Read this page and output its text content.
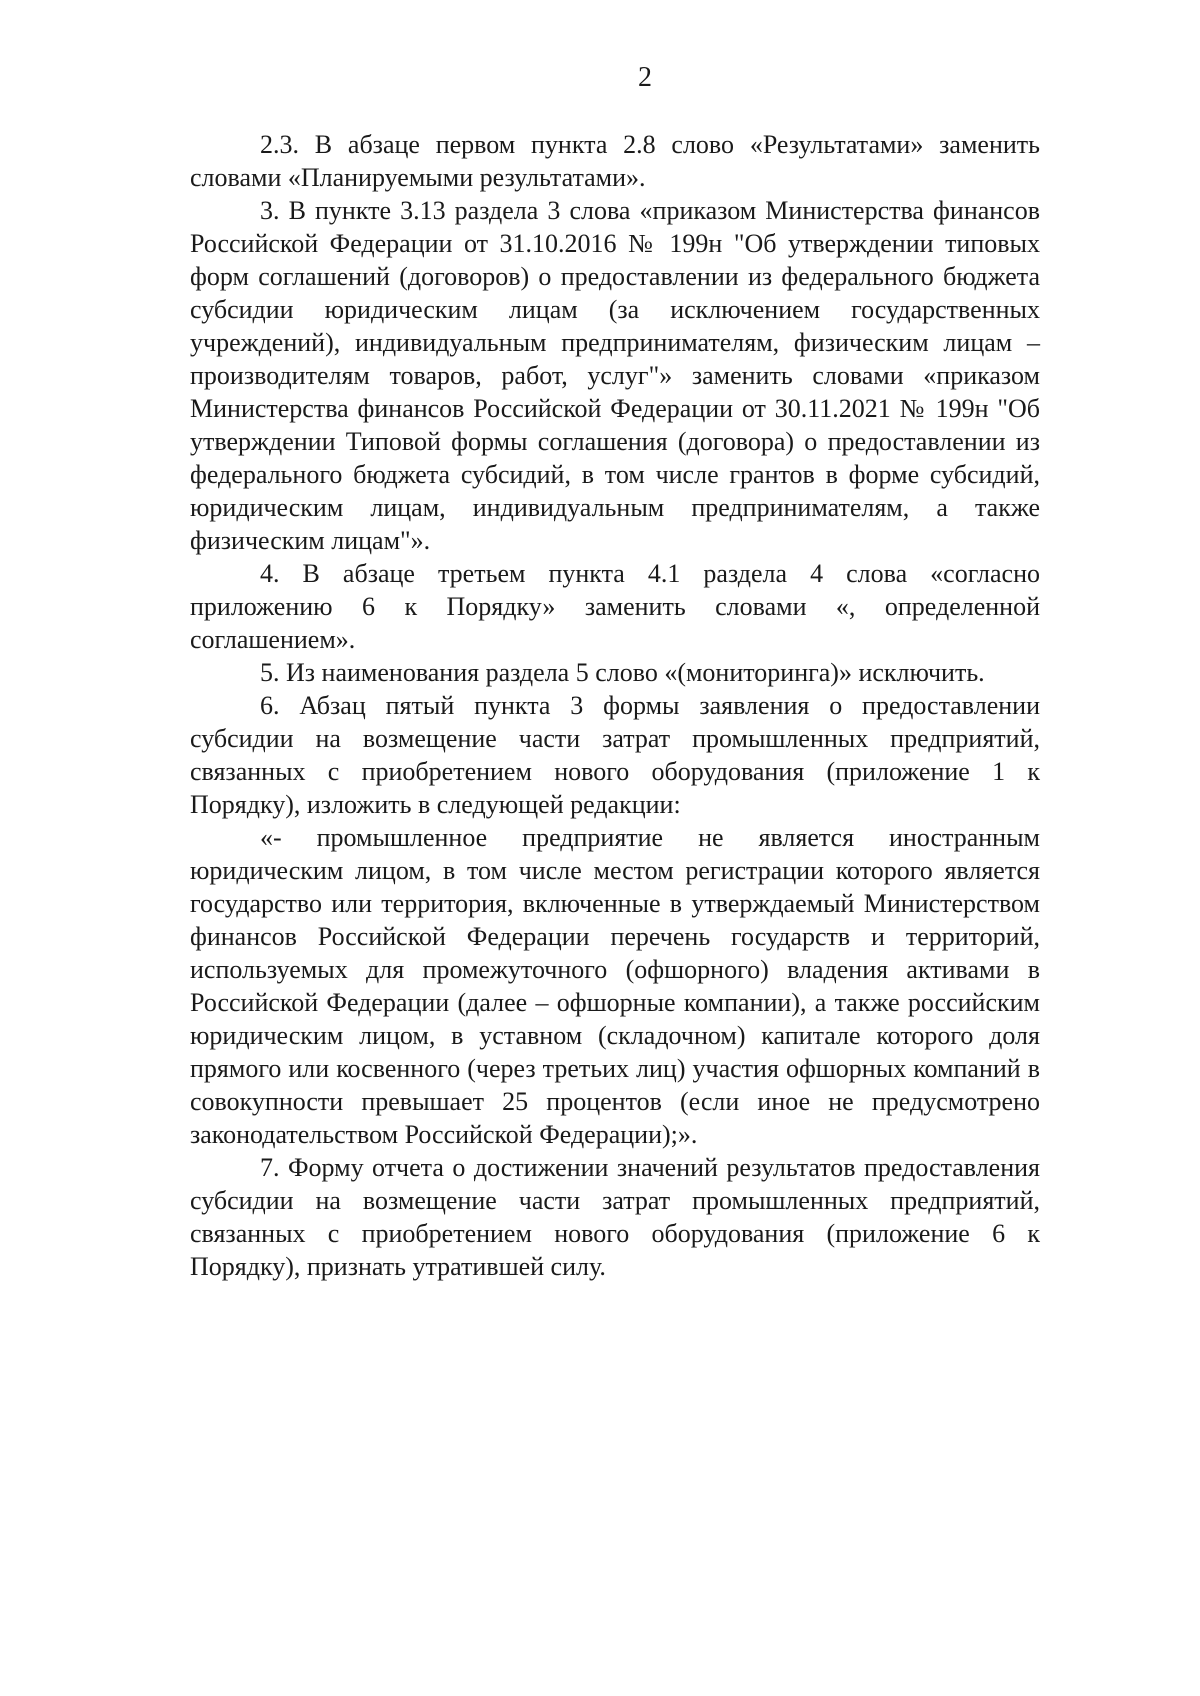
2

2.3. В абзаце первом пункта 2.8 слово «Результатами» заменить словами «Планируемыми результатами».

3. В пункте 3.13 раздела 3 слова «приказом Министерства финансов Российской Федерации от 31.10.2016 № 199н "Об утверждении типовых форм соглашений (договоров) о предоставлении из федерального бюджета субсидии юридическим лицам (за исключением государственных учреждений), индивидуальным предпринимателям, физическим лицам – производителям товаров, работ, услуг"» заменить словами «приказом Министерства финансов Российской Федерации от 30.11.2021 № 199н "Об утверждении Типовой формы соглашения (договора) о предоставлении из федерального бюджета субсидий, в том числе грантов в форме субсидий, юридическим лицам, индивидуальным предпринимателям, а также физическим лицам"».

4. В абзаце третьем пункта 4.1 раздела 4 слова «согласно приложению 6 к Порядку» заменить словами «, определенной соглашением».

5. Из наименования раздела 5 слово «(мониторинга)» исключить.

6. Абзац пятый пункта 3 формы заявления о предоставлении субсидии на возмещение части затрат промышленных предприятий, связанных с приобретением нового оборудования (приложение 1 к Порядку), изложить в следующей редакции:

«- промышленное предприятие не является иностранным юридическим лицом, в том числе местом регистрации которого является государство или территория, включенные в утверждаемый Министерством финансов Российской Федерации перечень государств и территорий, используемых для промежуточного (офшорного) владения активами в Российской Федерации (далее – офшорные компании), а также российским юридическим лицом, в уставном (складочном) капитале которого доля прямого или косвенного (через третьих лиц) участия офшорных компаний в совокупности превышает 25 процентов (если иное не предусмотрено законодательством Российской Федерации);».

7. Форму отчета о достижении значений результатов предоставления субсидии на возмещение части затрат промышленных предприятий, связанных с приобретением нового оборудования (приложение 6 к Порядку), признать утратившей силу.
